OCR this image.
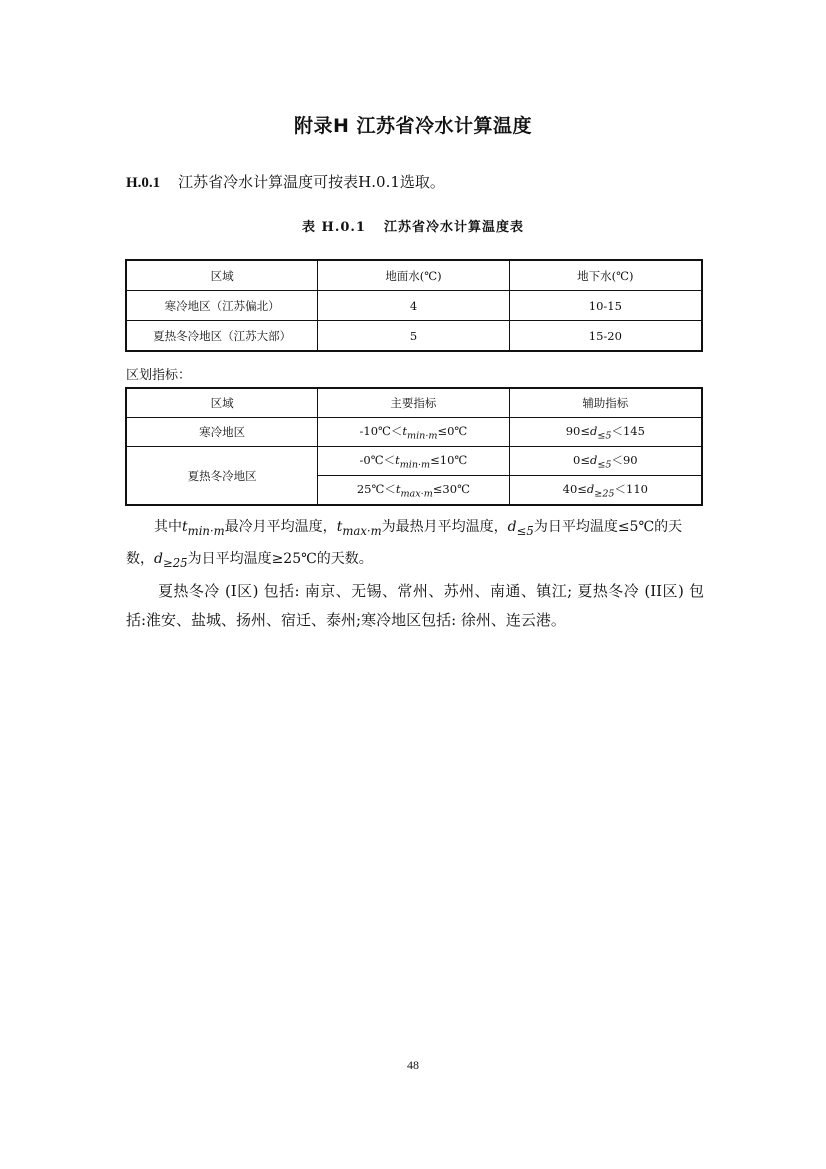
附录H 江苏省冷水计算温度
H.0.1 江苏省冷水计算温度可按表H.0.1选取。
表 H.0.1 江苏省冷水计算温度表
区域	地面水(℃)	地下水(℃)
寒冷地区（江苏偏北）	4	10-15
夏热冬冷地区（江苏大部）	5	15-20
区划指标：
区域	主要指标	辅助指标
寒冷地区	$-10℃<t_{min\cdot m}\le 0℃$	$90\le d_{\le 5}<145$
夏热冬冷地区	$-0℃<t_{min\cdot m}\le 10℃$	$0\le d_{\le 5}<90$
	$25℃<t_{max\cdot m}\le 30℃$	$40\le d_{\ge 25}<110$
其中$t_{min\cdot m}$最冷月平均温度，$t_{max\cdot m}$为最热月平均温度，$d_{\le 5}$为日平均温度≤5℃的天数，$d_{\ge 25}$为日平均温度≥25℃的天数。
夏热冬冷 (I区) 包括: 南京、无锡、常州、苏州、南通、镇江; 夏热冬冷 (II区) 包括:淮安、盐城、扬州、宿迁、泰州;寒冷地区包括: 徐州、连云港。
48
